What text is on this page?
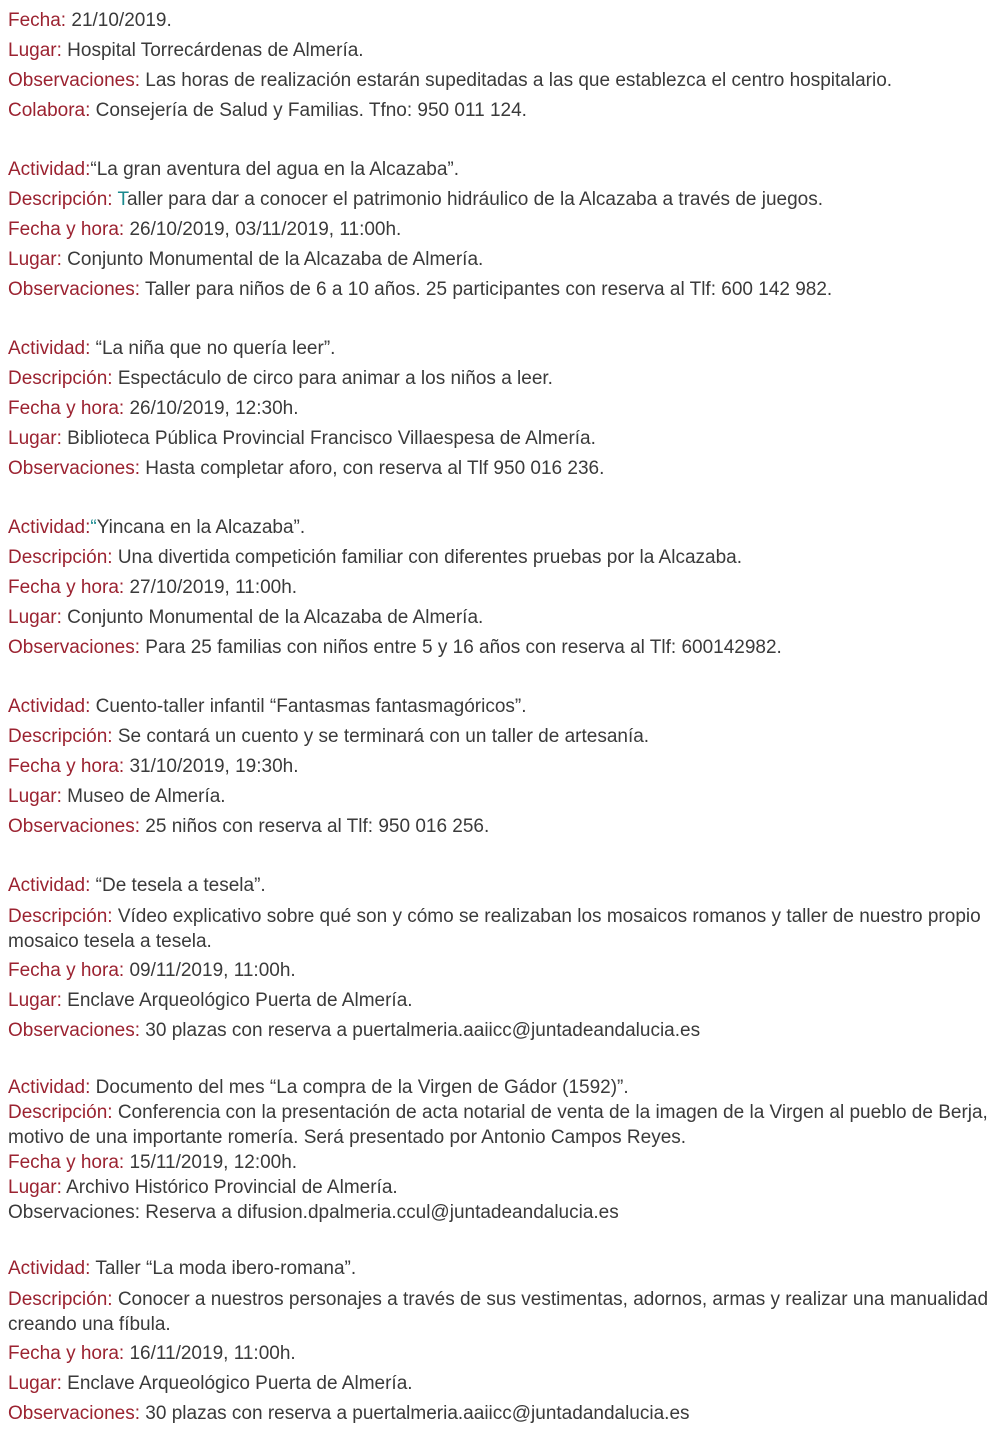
Fecha: 21/10/2019.
Lugar: Hospital Torrecárdenas de Almería.
Observaciones: Las horas de realización estarán supeditadas a las que establezca el centro hospitalario.
Colabora: Consejería de Salud y Familias. Tfno: 950 011 124.
Actividad:“La gran aventura del agua en la Alcazaba”.
Descripción: Taller para dar a conocer el patrimonio hidráulico de la Alcazaba a través de juegos.
Fecha y hora: 26/10/2019, 03/11/2019, 11:00h.
Lugar: Conjunto Monumental de la Alcazaba de Almería.
Observaciones: Taller para niños de 6 a 10 años. 25 participantes con reserva al Tlf: 600 142 982.
Actividad: “La niña que no quería leer”.
Descripción: Espectáculo de circo para animar a los niños a leer.
Fecha y hora: 26/10/2019, 12:30h.
Lugar: Biblioteca Pública Provincial Francisco Villaespesa de Almería.
Observaciones: Hasta completar aforo, con reserva al Tlf 950 016 236.
Actividad:“Yincana en la Alcazaba”.
Descripción: Una divertida competición familiar con diferentes pruebas por la Alcazaba.
Fecha y hora: 27/10/2019, 11:00h.
Lugar: Conjunto Monumental de la Alcazaba de Almería.
Observaciones: Para 25 familias con niños entre 5 y 16 años con reserva al Tlf: 600142982.
Actividad: Cuento-taller infantil “Fantasmas fantasmagóricos”.
Descripción: Se contará un cuento y se terminará con un taller de artesanía.
Fecha y hora: 31/10/2019, 19:30h.
Lugar: Museo de Almería.
Observaciones: 25 niños con reserva al Tlf: 950 016 256.
Actividad: “De tesela a tesela”.
Descripción: Vídeo explicativo sobre qué son y cómo se realizaban los mosaicos romanos y taller de nuestro propio mosaico tesela a tesela.
Fecha y hora: 09/11/2019, 11:00h.
Lugar: Enclave Arqueológico Puerta de Almería.
Observaciones: 30 plazas con reserva a puertalmeria.aaiicc@juntadeandalucia.es
Actividad: Documento del mes “La compra de la Virgen de Gádor (1592)”.
Descripción: Conferencia con la presentación de acta notarial de venta de la imagen de la Virgen al pueblo de Berja, motivo de una importante romería. Será presentado por Antonio Campos Reyes.
Fecha y hora: 15/11/2019, 12:00h.
Lugar: Archivo Histórico Provincial de Almería.
Observaciones: Reserva a difusion.dpalmeria.ccul@juntadeandalucia.es
Actividad: Taller “La moda ibero-romana”.
Descripción: Conocer a nuestros personajes a través de sus vestimentas, adornos, armas y realizar una manualidad creando una fíbula.
Fecha y hora: 16/11/2019, 11:00h.
Lugar: Enclave Arqueológico Puerta de Almería.
Observaciones: 30 plazas con reserva a puertalmeria.aaiicc@juntadandalucia.es
